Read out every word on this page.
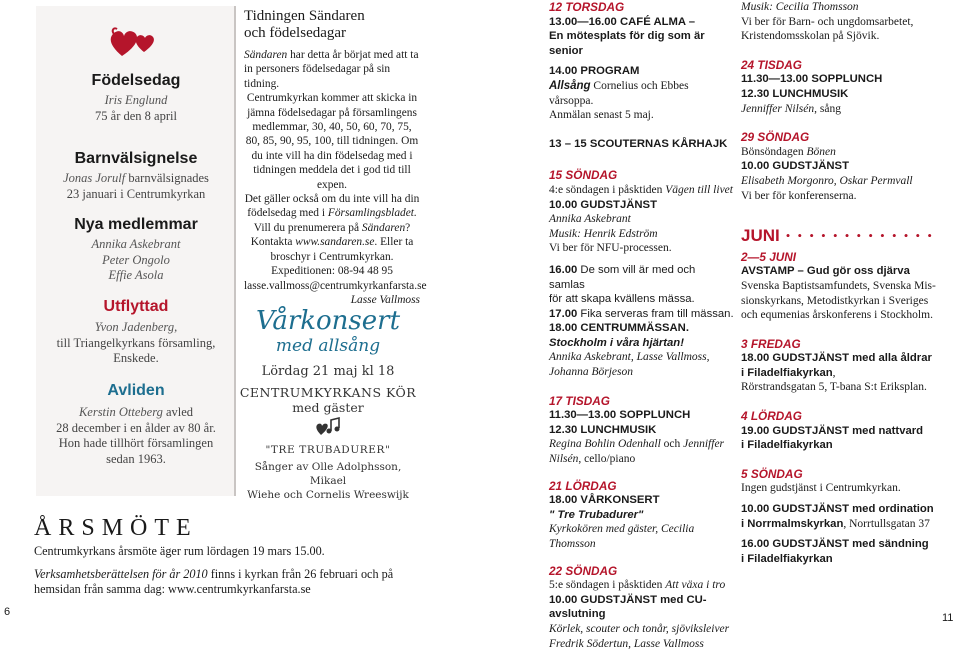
Födelsedag
Iris Englund
75 år den 8 april
Barnvälsignelse
Jonas Jorulf barnvälsignades
23 januari i Centrumkyrkan
Nya medlemmar
Annika Askebrant
Peter Ongolo
Effie Asola
Utflyttad
Yvon Jadenberg,
till Triangelkyrkans församling,
Enskede.
Avliden
Kerstin Otteberg avled
28 december i en ålder av 80 år.
Hon hade tillhört församlingen
sedan 1963.
Tidningen Sändaren
och födelsedagar
Sändaren har detta år börjat med att ta in personers födelsedagar på sin tidning.
Centrumkyrkan kommer att skicka in jämna födelsedagar på församlingens medlemmar, 30, 40, 50, 60, 70, 75, 80, 85, 90, 95, 100, till tidningen. Om du inte vill ha din födelsedag med i tidningen meddela det i god tid till expen.
Det gäller också om du inte vill ha din födelsedag med i Församlingsbladet.
Vill du prenumerera på Sändaren? Kontakta www.sandaren.se. Eller ta broschyr i Centrumkyrkan.
Expeditionen: 08-94 48 95
lasse.vallmoss@centrumkyrkanfarsta.se
Lasse Vallmoss
Vårkonsert
med allsång
Lördag 21 maj kl 18
CENTRUMKYRKANS KÖR
med gäster
"TRE TRUBADURER"
Sånger av Olle Adolphsson, Mikael
Wiehe och Cornelis Wreeswijk
ÅRSMÖTE
Centrumkyrkans årsmöte äger rum lördagen 19 mars 15.00.
Verksamhetsberättelsen för år 2010 finns i kyrkan från 26 februari och på
hemsidan från samma dag: www.centrumkyrkanfarsta.se
12 TORSDAG
13.00—16.00 CAFÉ ALMA –
En mötesplats för dig som är senior
14.00 PROGRAM
Allsång Cornelius och Ebbes vårsoppa.
Anmälan senast 5 maj.
13 – 15 SCOUTERNAS KÅRHAJK
15 SÖNDAG
4:e söndagen i påsktiden Vägen till livet
10.00 GUDSTJÄNST
Annika Askebrant
Musik: Henrik Edström
Vi ber för NFU-processen.
16.00 De som vill är med och samlas
för att skapa kvällens mässa.
17.00 Fika serveras fram till mässan.
18.00 CENTRUMMÄSSAN.
Stockholm i våra hjärtan!
Annika Askebrant, Lasse Vallmoss,
Johanna Börjeson
17 TISDAG
11.30—13.00 SOPPLUNCH
12.30 LUNCHMUSIK
Regina Bohlin Odenhall och Jenniffer
Nilsén, cello/piano
21 LÖRDAG
18.00 VÅRKONSERT
" Tre Trubadurer"
Kyrkokören med gäster, Cecilia Thomsson
22 SÖNDAG
5:e söndagen i påsktiden Att växa i tro
10.00 GUDSTJÄNST med CU-
avslutning
Körlek, scouter och tonår, sjöviksleiver
Fredrik Södertun, Lasse Vallmoss
Musik: Cecilia Thomsson
Vi ber för Barn- och ungdomsarbetet,
Kristendomsskolan på Sjövik.
24 TISDAG
11.30—13.00 SOPPLUNCH
12.30 LUNCHMUSIK
Jenniffer Nilsén, sång
29 SÖNDAG
Bönsöndagen Bönen
10.00 GUDSTJÄNST
Elisabeth Morgonro, Oskar Permvall
Vi ber för konferenserna.
JUNI • • • • • • • • • • • • •
2—5 JUNI
AVSTAMP – Gud gör oss djärva
Svenska Baptistsamfundets, Svenska Mis-
sionskyrkans, Metodistkyrkan i Sveriges
och equmenias årskonferens i Stockholm.
3 FREDAG
18.00 GUDSTJÄNST med alla åldrar
i Filadelfiakyrkan,
Rörstrandsgatan 5, T-bana S:t Eriksplan.
4 LÖRDAG
19.00 GUDSTJÄNST med nattvard
i Filadelfiakyrkan
5 SÖNDAG
Ingen gudstjänst i Centrumkyrkan.
10.00 GUDSTJÄNST med ordination
i Norrmalmskyrkan, Norrtullsgatan 37
16.00 GUDSTJÄNST med sändning
i Filadelfiakyrkan
6	11
